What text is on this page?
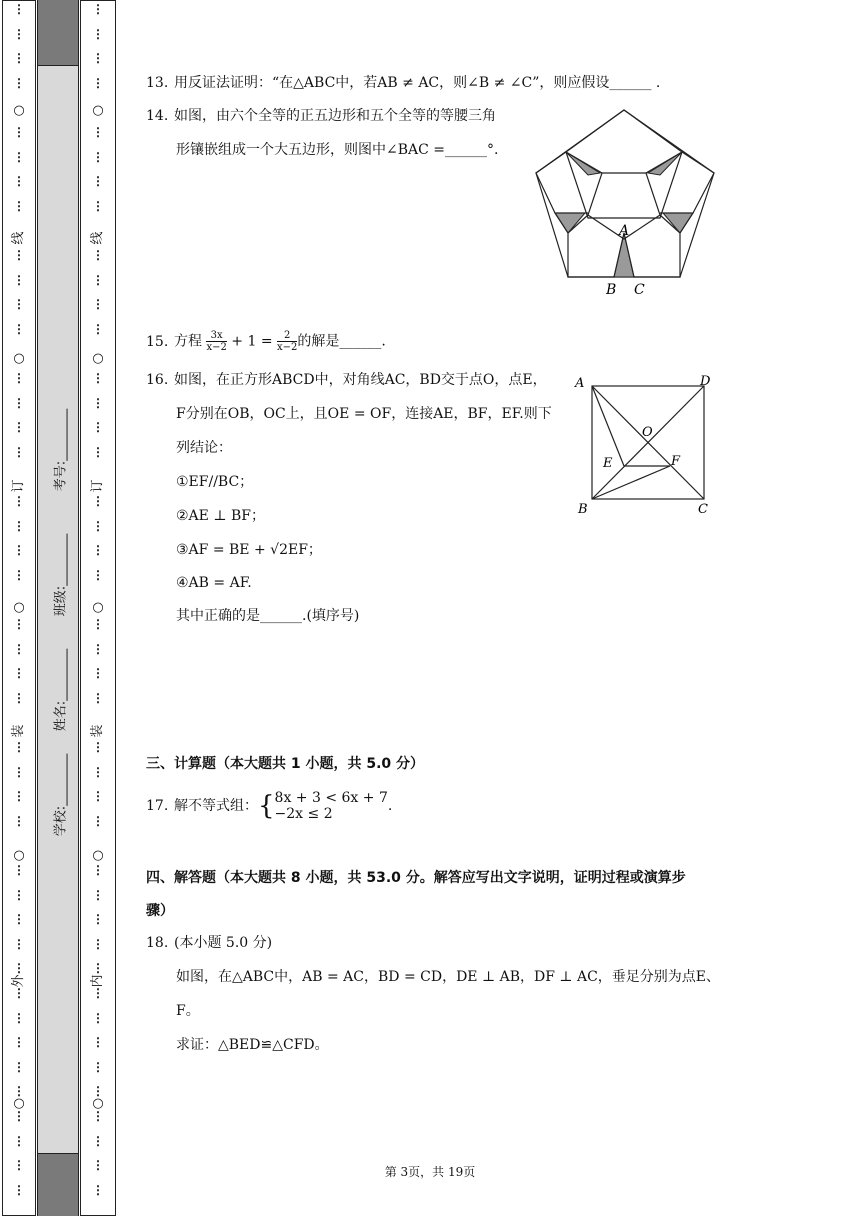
⋮
⋮
⋮
⋮
⋮
⋮
⋮
⋮
⋮
⋮
⋮
⋮
⋮
⋮
⋮
⋮
⋮
⋮
⋮
⋮
⋮
⋮
⋮
⋮
⋮
⋮
⋮
⋮
⋮
⋮
⋮
⋮
⋮
⋮
⋮
⋮
⋮
⋮
⋮
⋮
⋮
⋮
○
○
○
○
○
线
订
装
外
学校:________
姓名:________
班级:________
考号:________
⋮
⋮
⋮
⋮
⋮
⋮
⋮
⋮
⋮
⋮
⋮
⋮
⋮
⋮
⋮
⋮
⋮
⋮
⋮
⋮
⋮
⋮
⋮
⋮
⋮
⋮
⋮
⋮
⋮
⋮
⋮
⋮
⋮
⋮
⋮
⋮
⋮
⋮
⋮
⋮
⋮
⋮
○
○
○
○
○
线
订
装
内
13. 用反证法证明：“在△ABC中，若AB ≠ AC，则∠B ≠ ∠C”，则应假设______ .
14. 如图，由六个全等的正五边形和五个全等的等腰三角
形镶嵌组成一个大五边形，则图中∠BAC =______°.
A
B C
15. 方程 $\frac{3x}{x-2} + 1 = \frac{2}{x-2}$ 的解是______.
16. 如图，在正方形ABCD中，对角线AC，BD交于点O，点E，
F分别在OB，OC上，且OE = OF，连接AE，BF，EF.则下
列结论：
①EF//BC；
②AE ⊥ BF；
③AF = BE + √2EF；
④AB = AF.
其中正确的是______.(填序号)
A	D
O
E	F
B	C
三、计算题（本大题共 1 小题，共 5.0 分）
17. 解不等式组：{ 8x + 3 < 6x + 7
−2x ≤ 2	.
四、解答题（本大题共 8 小题，共 53.0 分。解答应写出文字说明，证明过程或演算步
骤）
18. (本小题 5.0 分)
如图，在△ABC中，AB = AC，BD = CD，DE ⊥ AB，DF ⊥ AC，垂足分别为点E、
F。
求证：△BED≌△CFD。
第 3页，共 19页
